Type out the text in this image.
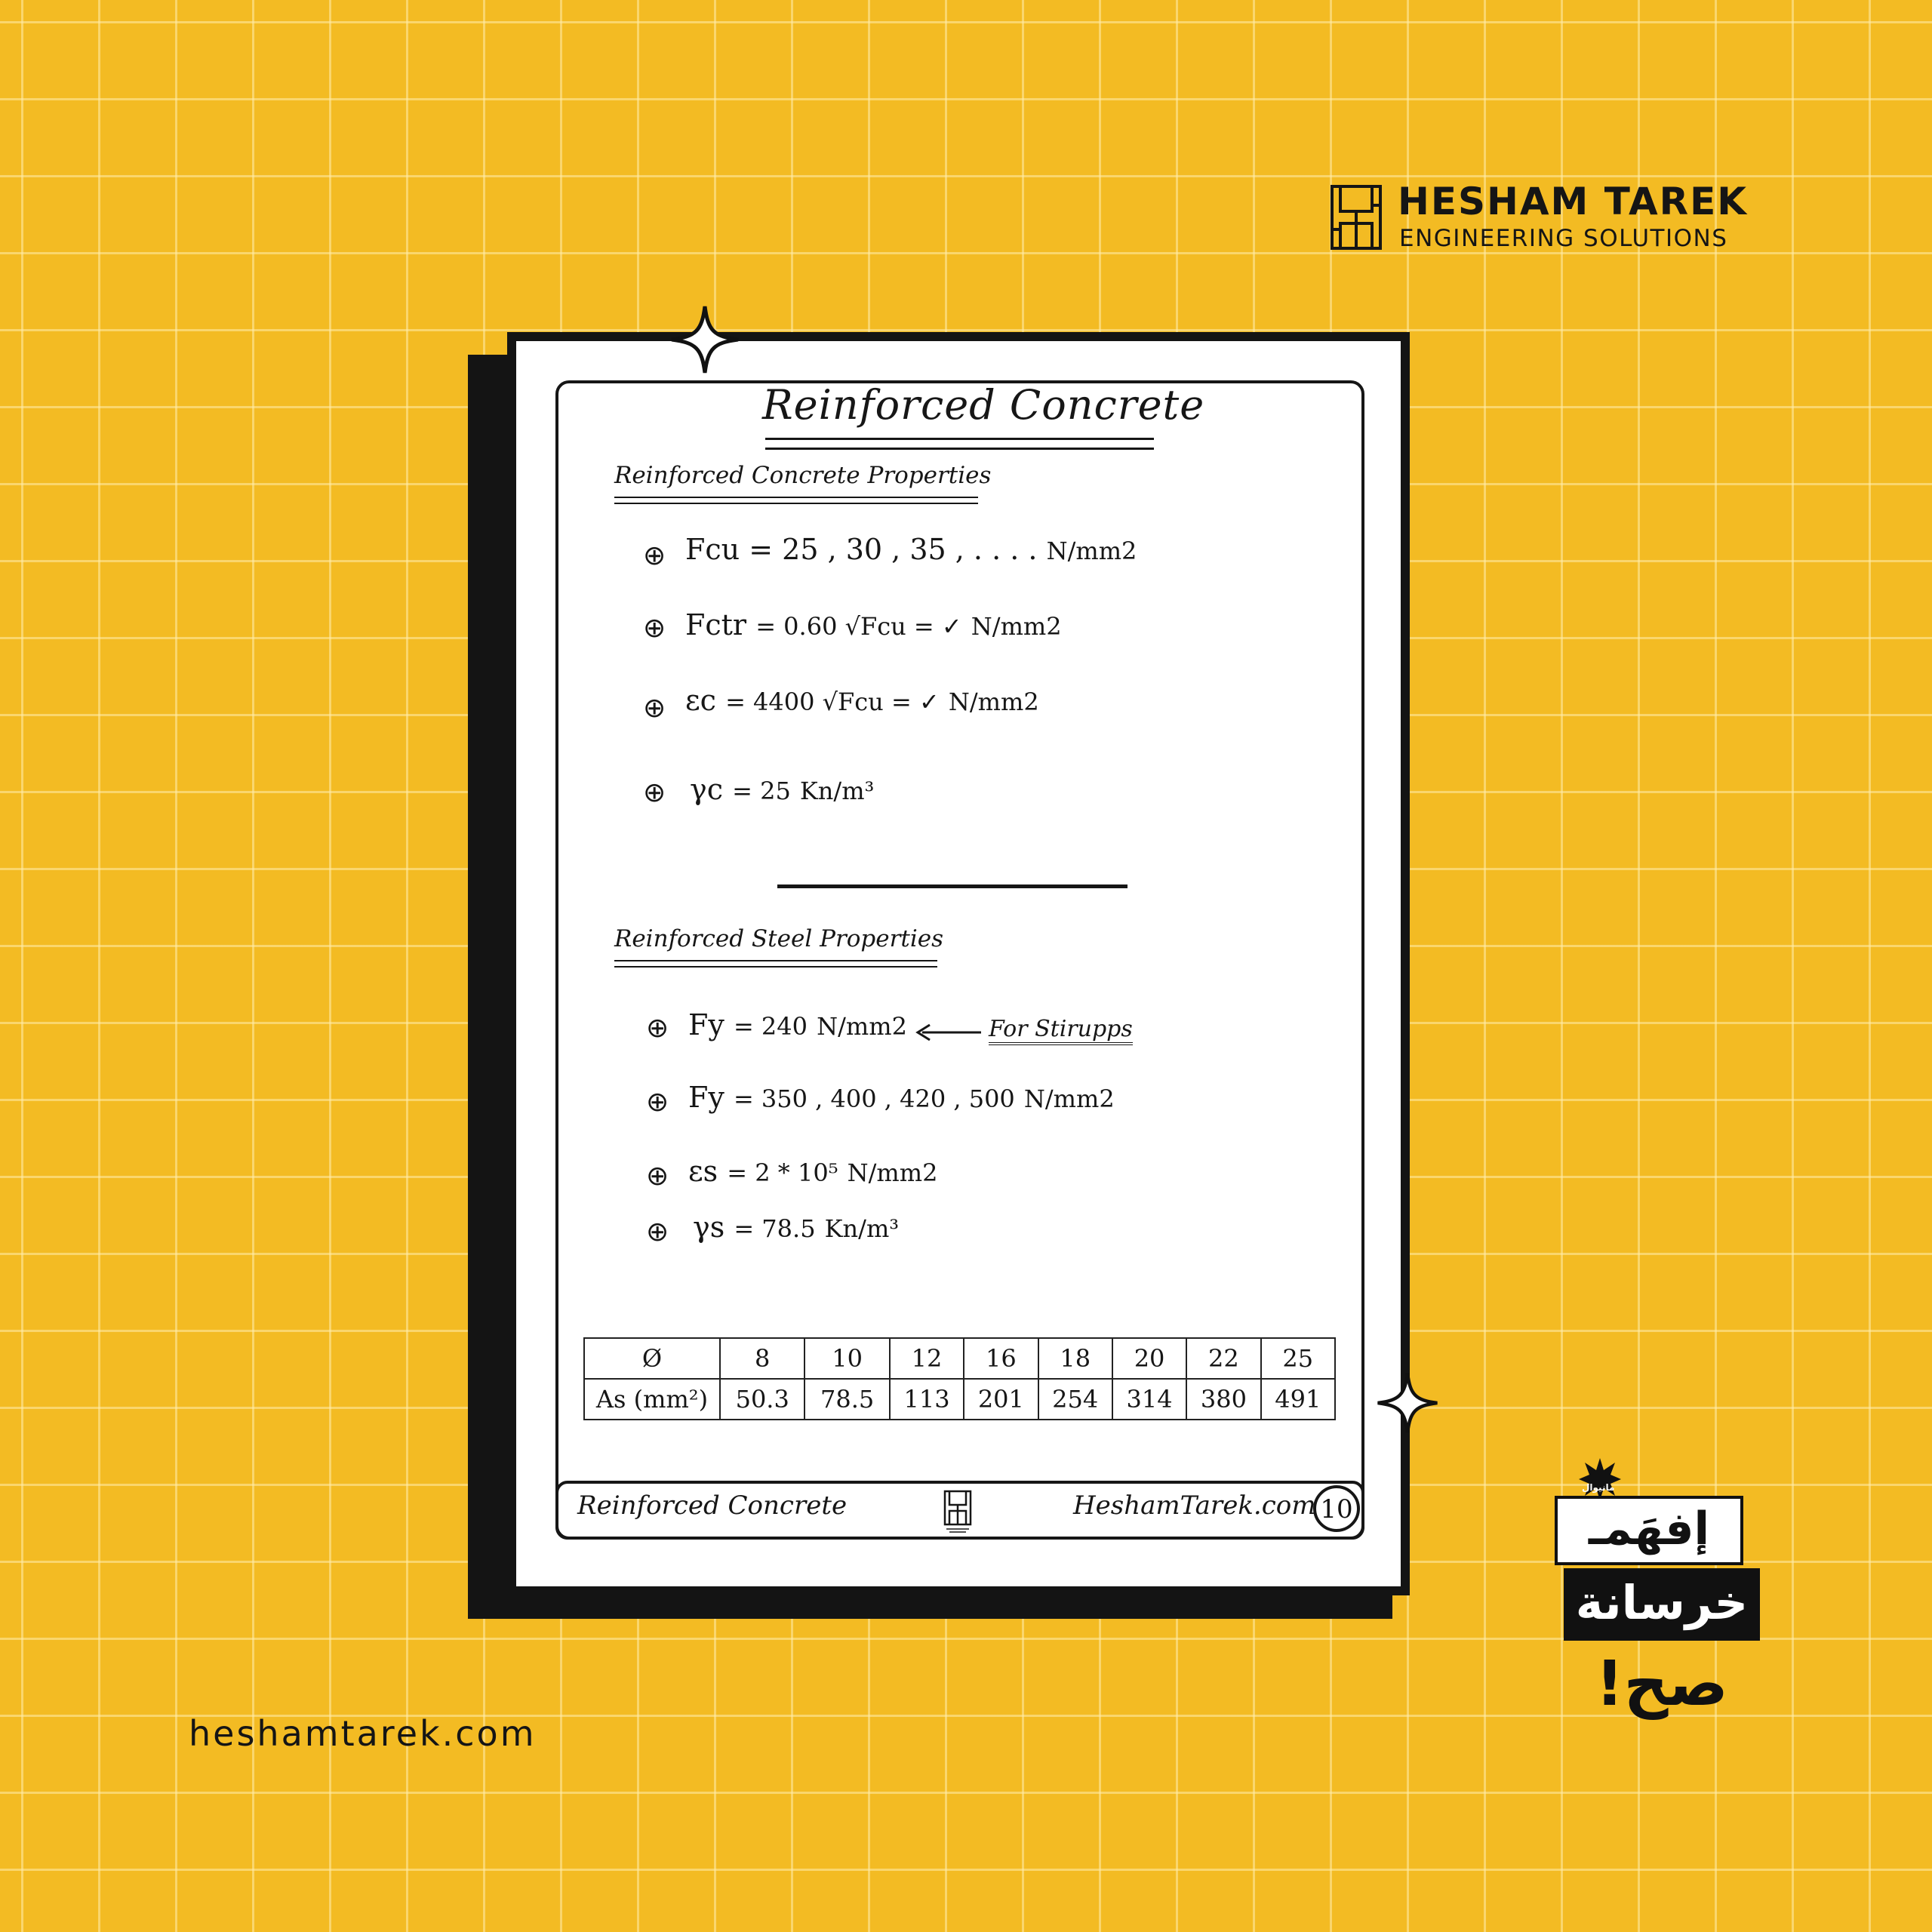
HESHAM TAREK
ENGINEERING SOLUTIONS
Reinforced Concrete
Reinforced Concrete Properties
⊕ Fcu = 25 , 30 , 35 , . . . . N/mm2
⊕ Fctr = 0.60 √Fcu = ✓ N/mm2
⊕ εc = 4400 √Fcu = ✓ N/mm2
⊕ γc = 25 Kn/m³
Reinforced Steel Properties
⊕ Fy = 240 N/mm2	For Stirupps
⊕ Fy = 350 , 400 , 420 , 500 N/mm2
⊕ εs = 2 * 10⁵ N/mm2
⊕ γs = 78.5 Kn/m³
Ø	8	10	12	16	18	20	22	25
As (mm²)	50.3	78.5	113	201	254	314	380	491
Reinforced Concrete	HeshamTarek.com 10
heshamtarek.com
مانيوال
إفهَمـ
خرسانة
صح!
